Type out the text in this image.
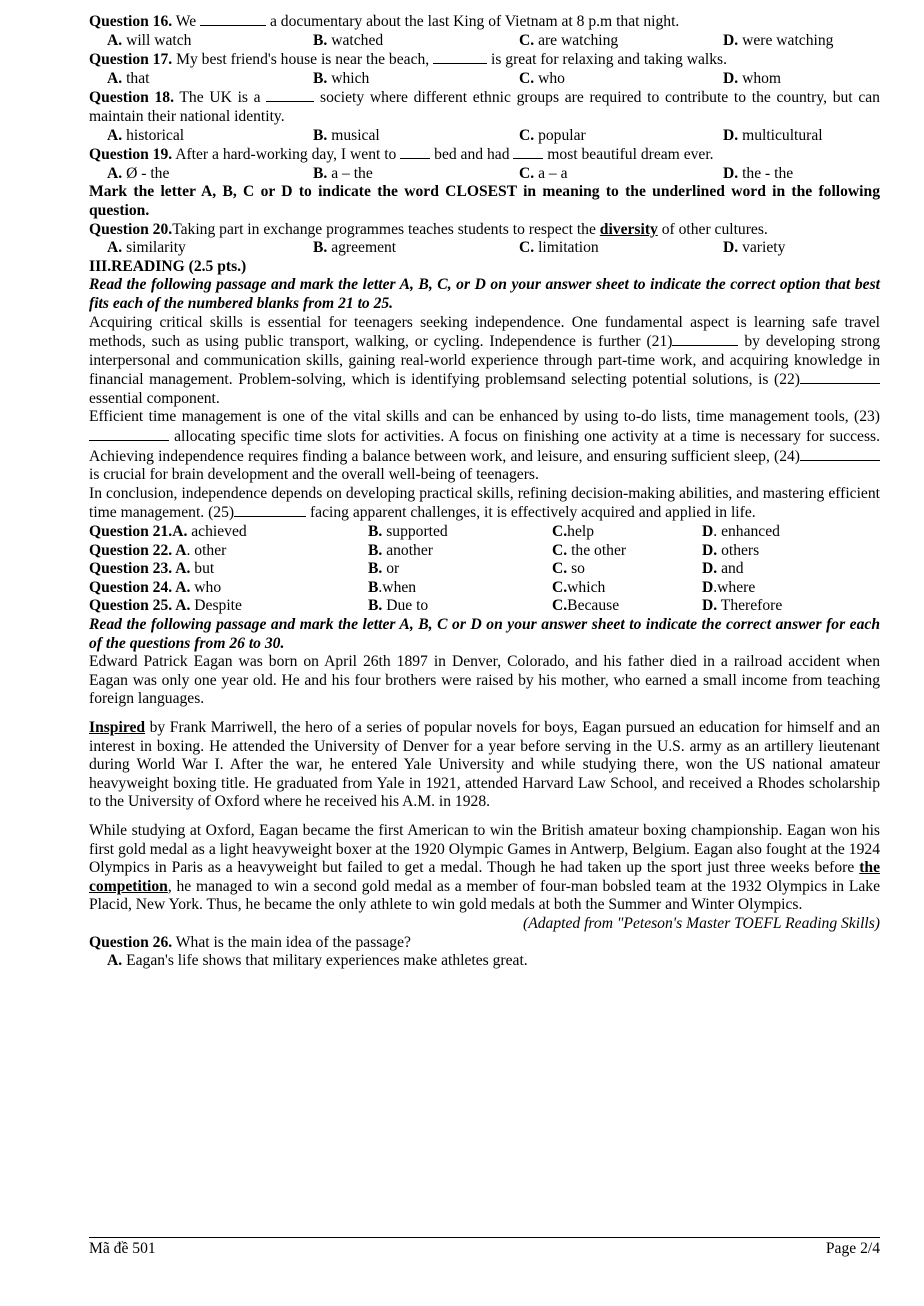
Question 16. We	a documentary about the last King of Vietnam at 8 p.m that night.

A. will watch	B. watched	C. are watching	D. were watching

Question 17. My best friend's house is near the beach,	is great for relaxing and taking walks.

A. that	B. which	C. who	D. whom

Question 18. The UK is a	society where different ethnic groups are required to contribute to the country, but can maintain their national identity.

A. historical	B. musical	C. popular	D. multicultural

Question 19. After a hard-working day, I went to  bed and had  most beautiful dream ever.

A. Ø - the	B. a – the	C. a – a	D. the - the

Mark the letter A, B, C or D to indicate the word CLOSEST in meaning to the underlined word in the following question.

Question 20.Taking part in exchange programmes teaches students to respect the diversity of other cultures.

A. similarity	B. agreement	C. limitation	D. variety

III.READING (2.5 pts.)

Read the following passage and mark the letter A, B, C, or D on your answer sheet to indicate the correct option that best fits each of the numbered blanks from 21 to 25.

Acquiring critical skills is essential for teenagers seeking independence. One fundamental aspect is learning safe travel methods, such as using public transport, walking, or cycling. Independence is further (21)	by developing strong interpersonal and communication skills, gaining real-world experience through part-time work, and acquiring knowledge in financial management. Problem-solving, which is identifying problemsand selecting potential solutions, is (22) essential component.

Efficient time management is one of the vital skills and can be enhanced by using to-do lists, time management tools, (23) allocating specific time slots for activities. A focus on finishing one activity at a time is necessary for success. Achieving independence requires finding a balance between work, and leisure, and ensuring sufficient sleep, (24) is crucial for brain development and the overall well-being of teenagers.

In conclusion, independence depends on developing practical skills, refining decision-making abilities, and mastering efficient time management. (25)	facing apparent challenges, it is effectively acquired and applied in life.

Question 21.A. achieved	B. supported	C.help	D. enhanced
Question 22. A. other	B. another	C. the other	D. others
Question 23. A. but	B. or	C. so	D. and
Question 24. A. who	B.when	C.which	D.where
Question 25. A. Despite	B. Due to	C.Because	D. Therefore

Read the following passage and mark the letter A, B, C or D on your answer sheet to indicate the correct answer for each of the questions from 26 to 30.

Edward Patrick Eagan was born on April 26th 1897 in Denver, Colorado, and his father died in a railroad accident when Eagan was only one year old. He and his four brothers were raised by his mother, who earned a small income from teaching foreign languages.

Inspired by Frank Marriwell, the hero of a series of popular novels for boys, Eagan pursued an education for himself and an interest in boxing. He attended the University of Denver for a year before serving in the U.S. army as an artillery lieutenant during World War I. After the war, he entered Yale University and while studying there, won the US national amateur heavyweight boxing title. He graduated from Yale in 1921, attended Harvard Law School, and received a Rhodes scholarship to the University of Oxford where he received his A.M. in 1928.

While studying at Oxford, Eagan became the first American to win the British amateur boxing championship. Eagan won his first gold medal as a light heavyweight boxer at the 1920 Olympic Games in Antwerp, Belgium. Eagan also fought at the 1924 Olympics in Paris as a heavyweight but failed to get a medal. Though he had taken up the sport just three weeks before the competition, he managed to win a second gold medal as a member of four-man bobsled team at the 1932 Olympics in Lake Placid, New York. Thus, he became the only athlete to win gold medals at both the Summer and Winter Olympics.

(Adapted from "Peteson's Master TOEFL Reading Skills)

Question 26. What is the main idea of the passage?

A. Eagan's life shows that military experiences make athletes great.

Mã đề 501	Page 2/4
